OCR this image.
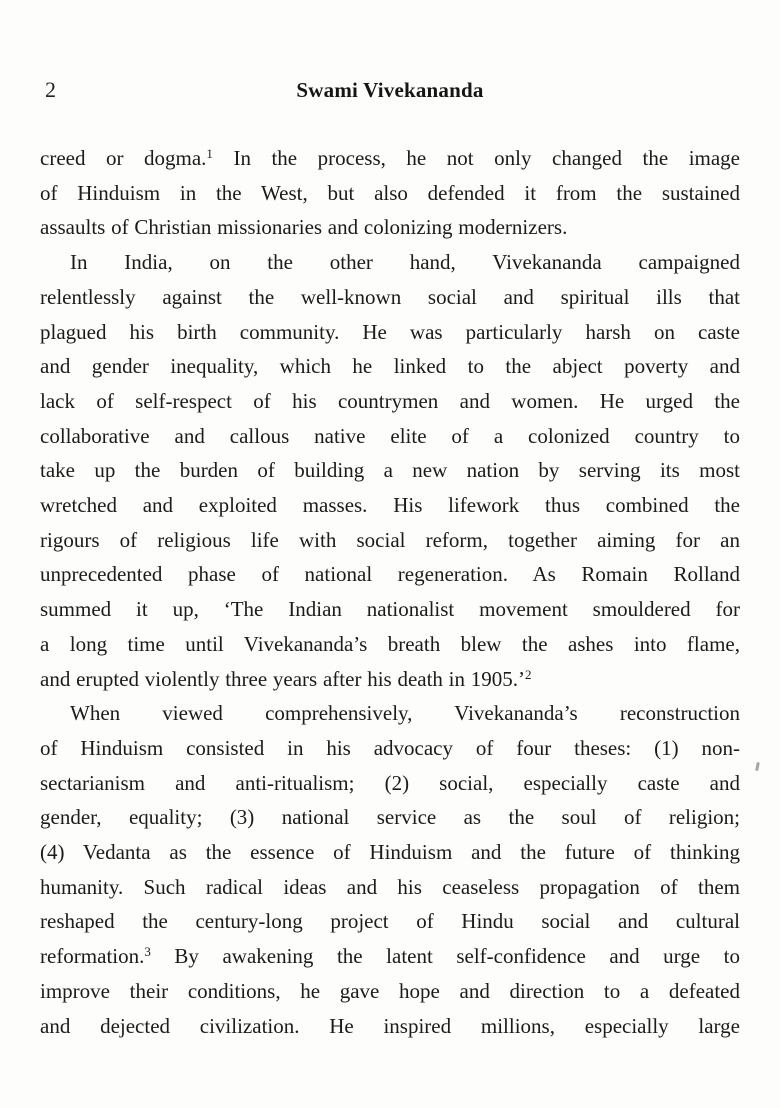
2	Swami Vivekananda
creed or dogma.$^1$ In the process, he not only changed the image
of Hinduism in the West, but also defended it from the sustained
assaults of Christian missionaries and colonizing modernizers.
In India, on the other hand, Vivekananda campaigned
relentlessly against the well-known social and spiritual ills that
plagued his birth community. He was particularly harsh on caste
and gender inequality, which he linked to the abject poverty and
lack of self-respect of his countrymen and women. He urged the
collaborative and callous native elite of a colonized country to
take up the burden of building a new nation by serving its most
wretched and exploited masses. His lifework thus combined the
rigours of religious life with social reform, together aiming for an
unprecedented phase of national regeneration. As Romain Rolland
summed it up, ‘The Indian nationalist movement smouldered for
a long time until Vivekananda’s breath blew the ashes into flame,
and erupted violently three years after his death in 1905.’$^2$
When viewed comprehensively, Vivekananda’s reconstruction
of Hinduism consisted in his advocacy of four theses: (1) non-
sectarianism and anti-ritualism; (2) social, especially caste and
gender, equality; (3) national service as the soul of religion;
(4) Vedanta as the essence of Hinduism and the future of thinking
humanity. Such radical ideas and his ceaseless propagation of them
reshaped the century-long project of Hindu social and cultural
reformation.$^3$ By awakening the latent self-confidence and urge to
improve their conditions, he gave hope and direction to a defeated
and dejected civilization. He inspired millions, especially large
